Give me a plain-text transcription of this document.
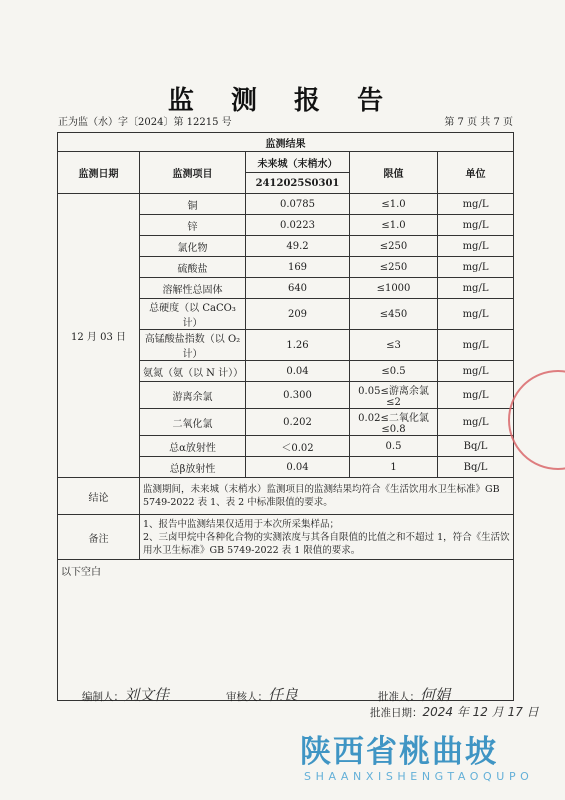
监 测 报 告
正为监（水）字〔2024〕第 12215 号	第 7 页 共 7 页
监测结果				
监测日期	监测项目	未来城（末梢水）	限值	单位
		2412025S0301		
12 月 03 日	铜	0.0785	≤1.0	mg/L
	锌	0.0223	≤1.0	mg/L
	氯化物	49.2	≤250	mg/L
	硫酸盐	169	≤250	mg/L
	溶解性总固体	640	≤1000	mg/L
	总硬度（以 CaCO₃ 计）	209	≤450	mg/L
	高锰酸盐指数（以 O₂ 计）	1.26	≤3	mg/L
	氨氮（氨（以 N 计））	0.04	≤0.5	mg/L
	游离余氯	0.300	0.05≤游离余氯≤2	mg/L
	二氧化氯	0.202	0.02≤二氧化氯≤0.8	mg/L
	总α放射性	＜0.02	0.5	Bq/L
	总β放射性	0.04	1	Bq/L
结论	监测期间，未来城（末梢水）监测项目的监测结果均符合《生活饮用水卫生标准》GB 5749-2022 表 1、表 2 中标准限值的要求。			
备注	1、报告中监测结果仅适用于本次所采集样品；
2、三卤甲烷中各种化合物的实测浓度与其各自限值的比值之和不超过 1，符合《生活饮用水卫生标准》GB 5749-2022 表 1 限值的要求。			

以下空白				
编制人：刘文佳	审核人：任良	批准人：何娟
批准日期：2024 年 12 月 17 日
陕西省桃曲坡
SHAANXISHENGTAOQUPO
